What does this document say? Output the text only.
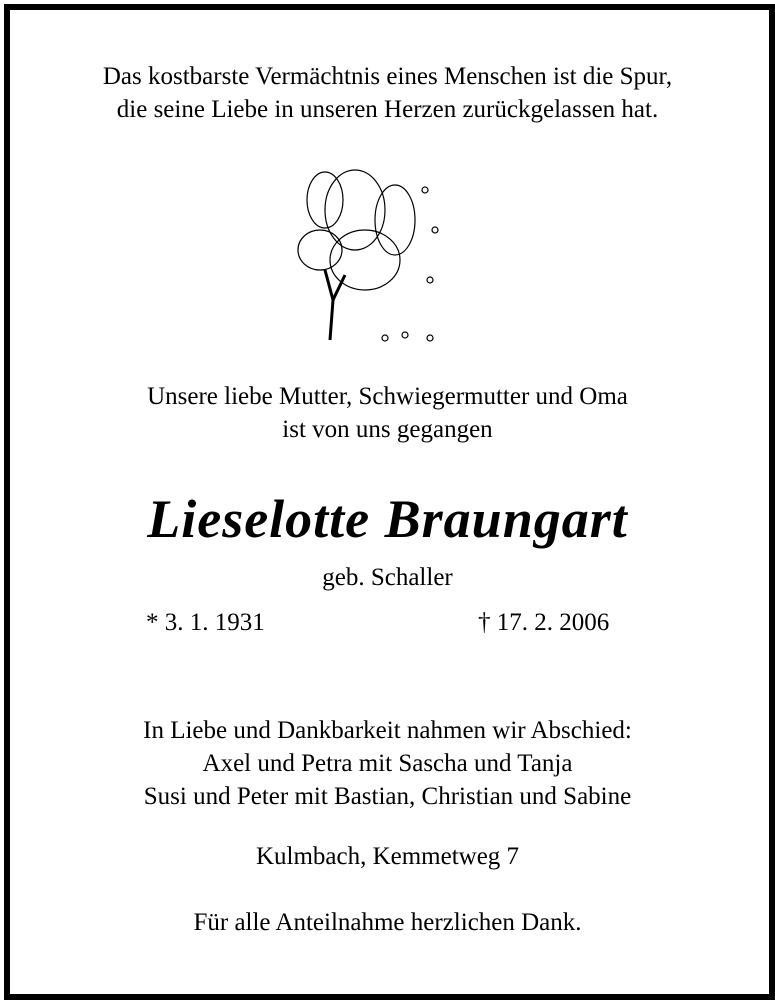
Das kostbarste Vermächtnis eines Menschen ist die Spur,
die seine Liebe in unseren Herzen zurückgelassen hat.
Unsere liebe Mutter, Schwiegermutter und Oma
ist von uns gegangen
Lieselotte Braungart
geb. Schaller
* 3. 1. 1931	† 17. 2. 2006
In Liebe und Dankbarkeit nahmen wir Abschied:
Axel und Petra mit Sascha und Tanja
Susi und Peter mit Bastian, Christian und Sabine
Kulmbach, Kemmetweg 7
Für alle Anteilnahme herzlichen Dank.
